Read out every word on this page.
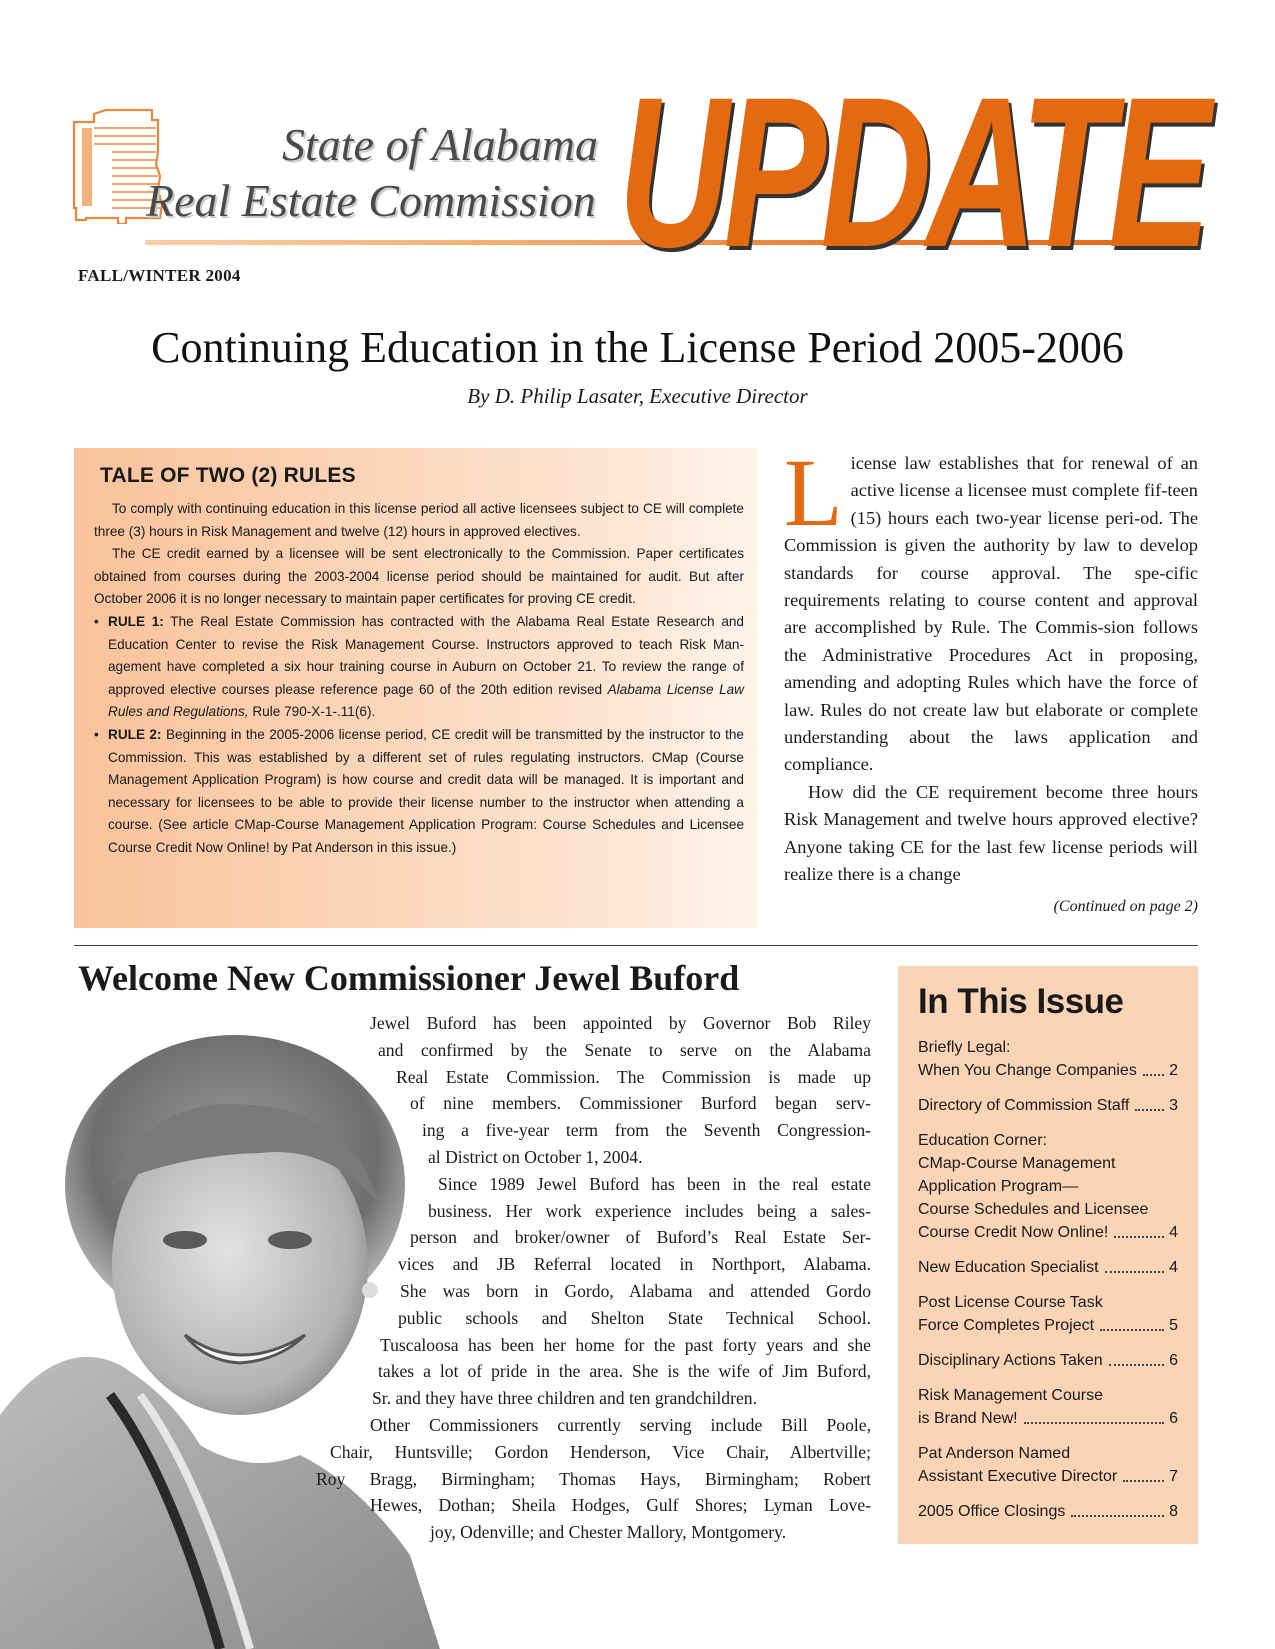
State of Alabama
Real Estate Commission UPDATE
FALL/WINTER 2004
Continuing Education in the License Period 2005-2006
By D. Philip Lasater, Executive Director
TALE OF TWO (2) RULES

To comply with continuing education in this license period all active licensees subject to CE will complete three (3) hours in Risk Management and twelve (12) hours in approved electives.

The CE credit earned by a licensee will be sent electronically to the Commission. Paper certificates obtained from courses during the 2003-2004 license period should be maintained for audit. But after October 2006 it is no longer necessary to maintain paper certificates for proving CE credit.

• RULE 1: The Real Estate Commission has contracted with the Alabama Real Estate Research and Education Center to revise the Risk Management Course. Instructors approved to teach Risk Man-agement have completed a six hour training course in Auburn on October 21. To review the range of approved elective courses please reference page 60 of the 20th edition revised Alabama License Law Rules and Regulations, Rule 790-X-1-.11(6).

• RULE 2: Beginning in the 2005-2006 license period, CE credit will be transmitted by the instructor to the Commission. This was established by a different set of rules regulating instructors. CMap (Course Management Application Program) is how course and credit data will be managed. It is important and necessary for licensees to be able to provide their license number to the instructor when attending a course. (See article CMap-Course Management Application Program: Course Schedules and Licensee Course Credit Now Online! by Pat Anderson in this issue.)

License law establishes that for renewal of an active license a licensee must complete fif-teen (15) hours each two-year license peri-od. The Commission is given the authority by law to develop standards for course approval. The spe-cific requirements relating to course content and approval are accomplished by Rule. The Commis-sion follows the Administrative Procedures Act in proposing, amending and adopting Rules which have the force of law. Rules do not create law but elaborate or complete understanding about the laws application and compliance.

How did the CE requirement become three hours Risk Management and twelve hours approved elective? Anyone taking CE for the last few license periods will realize there is a change

(Continued on page 2)
Welcome New Commissioner Jewel Buford
Jewel Buford has been appointed by Governor Bob Riley
and confirmed by the Senate to serve on the Alabama
Real Estate Commission. The Commission is made up
of nine members. Commissioner Burford began serv-
ing a five-year term from the Seventh Congression-
al District on October 1, 2004.
Since 1989 Jewel Buford has been in the real estate
business. Her work experience includes being a sales-
person and broker/owner of Buford’s Real Estate Ser-
vices and JB Referral located in Northport, Alabama.
She was born in Gordo, Alabama and attended Gordo
public schools and Shelton State Technical School.
Tuscaloosa has been her home for the past forty years and she
takes a lot of pride in the area. She is the wife of Jim Buford,
Sr. and they have three children and ten grandchildren.
Other Commissioners currently serving include Bill Poole,
Chair, Huntsville; Gordon Henderson, Vice Chair, Albertville;
Roy Bragg, Birmingham; Thomas Hays, Birmingham; Robert
Hewes, Dothan; Sheila Hodges, Gulf Shores; Lyman Love-
joy, Odenville; and Chester Mallory, Montgomery.
In This Issue
Briefly Legal:
When You Change Companies 2
Directory of Commission Staff 3
Education Corner:
CMap-Course Management
Application Program—
Course Schedules and Licensee
Course Credit Now Online!	4
New Education Specialist	4
Post License Course Task
Force Completes Project	5
Disciplinary Actions Taken	6
Risk Management Course
is Brand New!	6
Pat Anderson Named
Assistant Executive Director	7
2005 Office Closings	8
